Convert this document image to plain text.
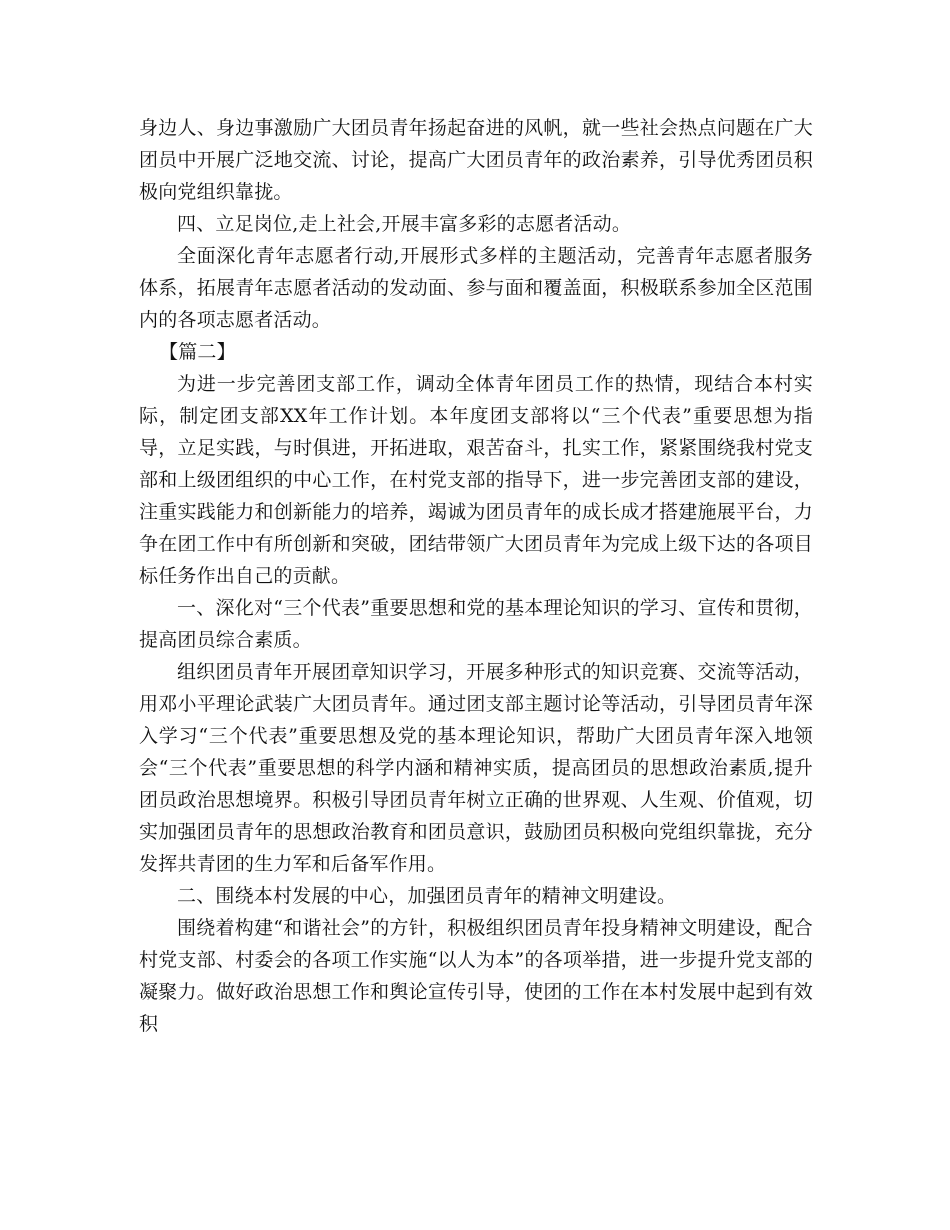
身边人、身边事激励广大团员青年扬起奋进的风帆，就一些社会热点问题在广大团员中开展广泛地交流、讨论，提高广大团员青年的政治素养，引导优秀团员积极向党组织靠拢。

四、立足岗位,走上社会,开展丰富多彩的志愿者活动。

全面深化青年志愿者行动,开展形式多样的主题活动，完善青年志愿者服务体系，拓展青年志愿者活动的发动面、参与面和覆盖面，积极联系参加全区范围内的各项志愿者活动。

【篇二】

为进一步完善团支部工作，调动全体青年团员工作的热情，现结合本村实际，制定团支部XX年工作计划。本年度团支部将以“三个代表”重要思想为指导，立足实践，与时俱进，开拓进取，艰苦奋斗，扎实工作，紧紧围绕我村党支部和上级团组织的中心工作，在村党支部的指导下，进一步完善团支部的建设，注重实践能力和创新能力的培养，竭诚为团员青年的成长成才搭建施展平台，力争在团工作中有所创新和突破，团结带领广大团员青年为完成上级下达的各项目标任务作出自己的贡献。

一、深化对“三个代表”重要思想和党的基本理论知识的学习、宣传和贯彻，提高团员综合素质。

组织团员青年开展团章知识学习，开展多种形式的知识竞赛、交流等活动，用邓小平理论武装广大团员青年。通过团支部主题讨论等活动，引导团员青年深入学习“三个代表”重要思想及党的基本理论知识，帮助广大团员青年深入地领会“三个代表”重要思想的科学内涵和精神实质，提高团员的思想政治素质,提升团员政治思想境界。积极引导团员青年树立正确的世界观、人生观、价值观，切实加强团员青年的思想政治教育和团员意识，鼓励团员积极向党组织靠拢，充分发挥共青团的生力军和后备军作用。

二、围绕本村发展的中心，加强团员青年的精神文明建设。

围绕着构建“和谐社会”的方针，积极组织团员青年投身精神文明建设，配合村党支部、村委会的各项工作实施“以人为本”的各项举措，进一步提升党支部的凝聚力。做好政治思想工作和舆论宣传引导，使团的工作在本村发展中起到有效积
